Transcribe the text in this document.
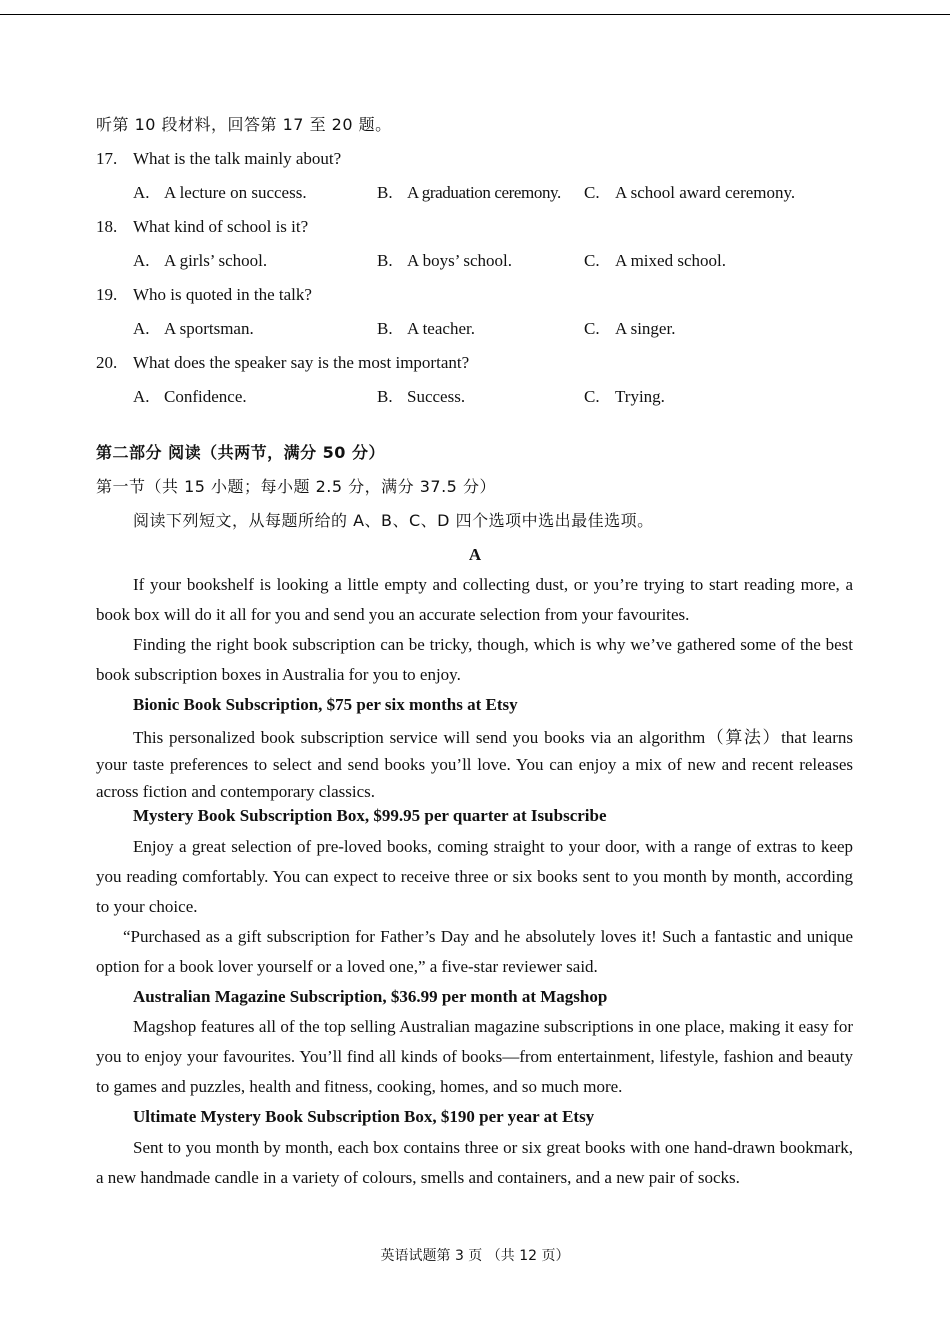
听第 10 段材料，回答第 17 至 20 题。
17. What is the talk mainly about?
A. A lecture on success.	B. A graduation ceremony. C. A school award ceremony.
18. What kind of school is it?
A. A girls’ school.	B. A boys’ school.	C. A mixed school.
19. Who is quoted in the talk?
A. A sportsman.	B. A teacher.	C. A singer.
20. What does the speaker say is the most important?
A. Confidence.	B. Success.	C. Trying.
第二部分 阅读（共两节，满分 50 分）
第一节（共 15 小题；每小题 2.5 分，满分 37.5 分）
阅读下列短文，从每题所给的 A、B、C、D 四个选项中选出最佳选项。
A
If your bookshelf is looking a little empty and collecting dust, or you’re trying to start reading more, a book box will do it all for you and send you an accurate selection from your favourites.
Finding the right book subscription can be tricky, though, which is why we’ve gathered some of the best book subscription boxes in Australia for you to enjoy.
Bionic Book Subscription, $75 per six months at Etsy
This personalized book subscription service will send you books via an algorithm（算法）that learns your taste preferences to select and send books you’ll love. You can enjoy a mix of new and recent releases across fiction and contemporary classics.
Mystery Book Subscription Box, $99.95 per quarter at Isubscribe
Enjoy a great selection of pre-loved books, coming straight to your door, with a range of extras to keep you reading comfortably. You can expect to receive three or six books sent to you month by month, according to your choice.
“Purchased as a gift subscription for Father’s Day and he absolutely loves it! Such a fantastic and unique option for a book lover yourself or a loved one,” a five-star reviewer said.
Australian Magazine Subscription, $36.99 per month at Magshop
Magshop features all of the top selling Australian magazine subscriptions in one place, making it easy for you to enjoy your favourites. You’ll find all kinds of books—from entertainment, lifestyle, fashion and beauty to games and puzzles, health and fitness, cooking, homes, and so much more.
Ultimate Mystery Book Subscription Box, $190 per year at Etsy
Sent to you month by month, each box contains three or six great books with one hand-drawn bookmark, a new handmade candle in a variety of colours, smells and containers, and a new pair of socks.
英语试题第 3 页 （共 12 页）
